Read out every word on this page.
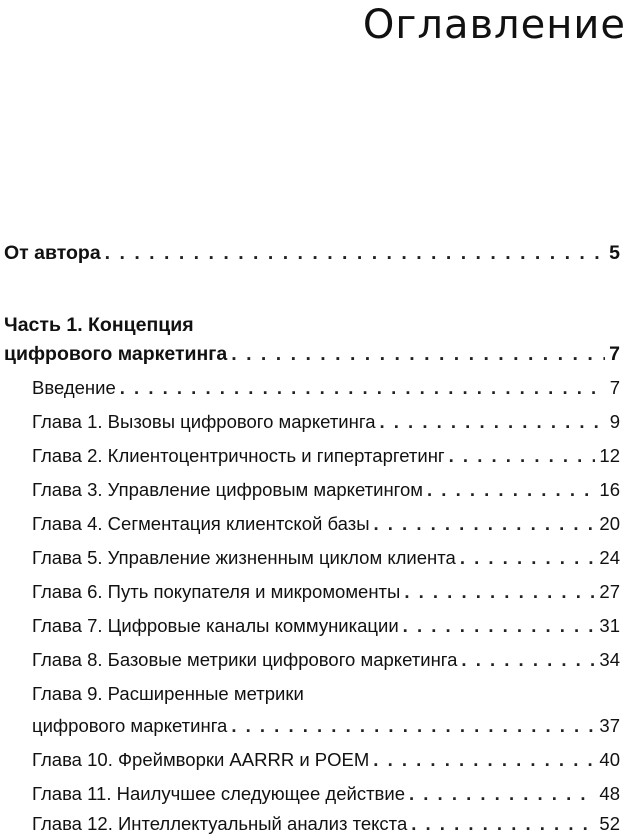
Оглавление
От автора . . .	5
Часть 1. Концепция
цифрового маркетинга . . .	7
Введение . . .	7
Глава 1. Вызовы цифрового маркетинга . . .	9
Глава 2. Клиентоцентричность и гипертаргетинг . . .	12
Глава 3. Управление цифровым маркетингом . . .	16
Глава 4. Сегментация клиентской базы . . .	20
Глава 5. Управление жизненным циклом клиента . . .	24
Глава 6. Путь покупателя и микромоменты . . .	27
Глава 7. Цифровые каналы коммуникации . . .	31
Глава 8. Базовые метрики цифрового маркетинга . . .	34
Глава 9. Расширенные метрики
цифрового маркетинга . . .	37
Глава 10. Фреймворки AARRR и POEM . . .	40
Глава 11. Наилучшее следующее действие . . .	48
Глава 12. Интеллектуальный анализ текста . . .	52
